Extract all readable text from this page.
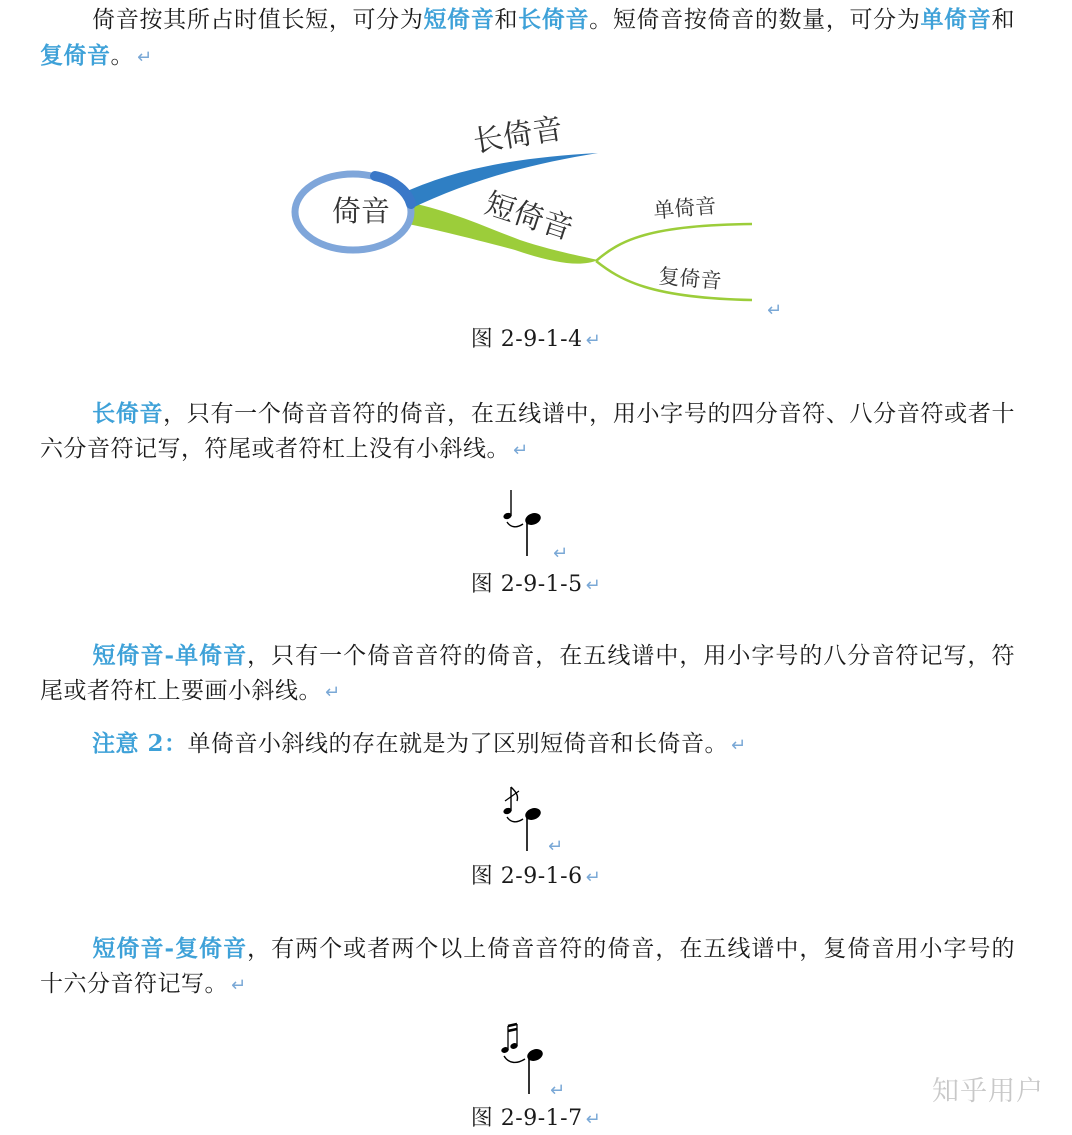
倚音按其所占时值长短，可分为短倚音和长倚音。短倚音按倚音的数量，可分为单倚音和复倚音。 ↵

倚音
长倚音
短倚音	单倚音
复倚音
↵
图 2-9-1-4 ↵

长倚音，只有一个倚音音符的倚音，在五线谱中，用小字号的四分音符、八分音符或者十六分音符记写，符尾或者符杠上没有小斜线。 ↵

↵
图 2-9-1-5 ↵

短倚音-单倚音，只有一个倚音音符的倚音，在五线谱中，用小字号的八分音符记写，符尾或者符杠上要画小斜线。 ↵

注意 2：单倚音小斜线的存在就是为了区别短倚音和长倚音。 ↵

↵
图 2-9-1-6 ↵

短倚音-复倚音，有两个或者两个以上倚音音符的倚音，在五线谱中，复倚音用小字号的十六分音符记写。 ↵

↵
图 2-9-1-7 ↵
知乎用户
